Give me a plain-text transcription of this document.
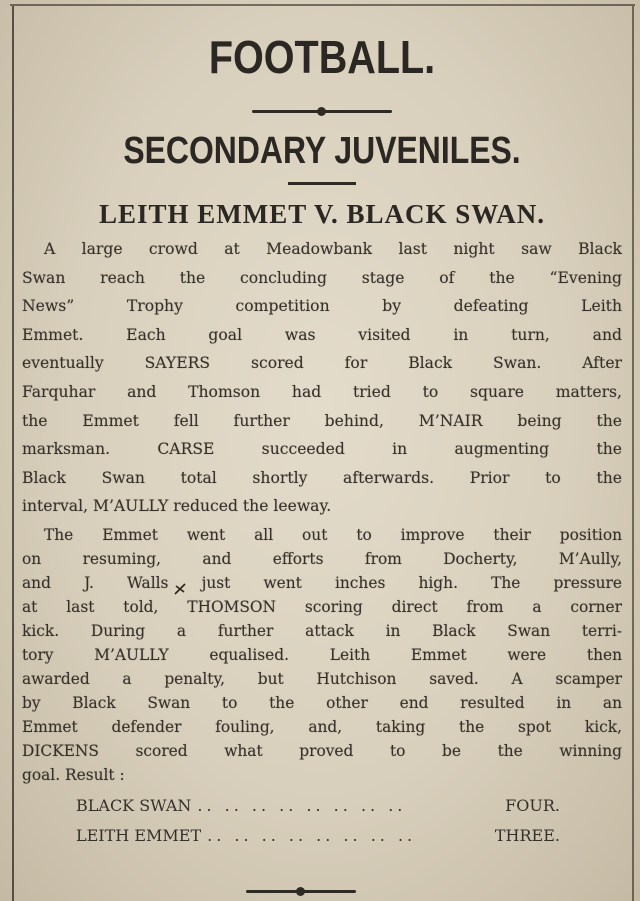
FOOTBALL.
SECONDARY JUVENILES.
LEITH EMMET V. BLACK SWAN.
A large crowd at Meadowbank last night saw Black
Swan reach the concluding stage of the “Evening
News” Trophy competition by defeating Leith
Emmet. Each goal was visited in turn, and
eventually SAYERS scored for Black Swan. After
Farquhar and Thomson had tried to square matters,
the Emmet fell further behind, M’NAIR being the
marksman. CARSE succeeded in augmenting the
Black Swan total shortly afterwards. Prior to the
interval, M’AULLY reduced the leeway.
The Emmet went all out to improve their position
on resuming, and efforts from Docherty, M’Aully,
and J. Walls just went inches high. The pressure
at last told, THOMSON scoring direct from a corner
kick. During a further attack in Black Swan terri-
tory M’AULLY equalised. Leith Emmet were then
awarded a penalty, but Hutchison saved. A scamper
by Black Swan to the other end resulted in an
Emmet defender fouling, and, taking the spot kick,
DICKENS scored what proved to be the winning
goal. Result :
BLACK SWAN .. .. .. .. .. .. .. ..	FOUR.
LEITH EMMET .. .. .. .. .. .. .. ..	THREE.
